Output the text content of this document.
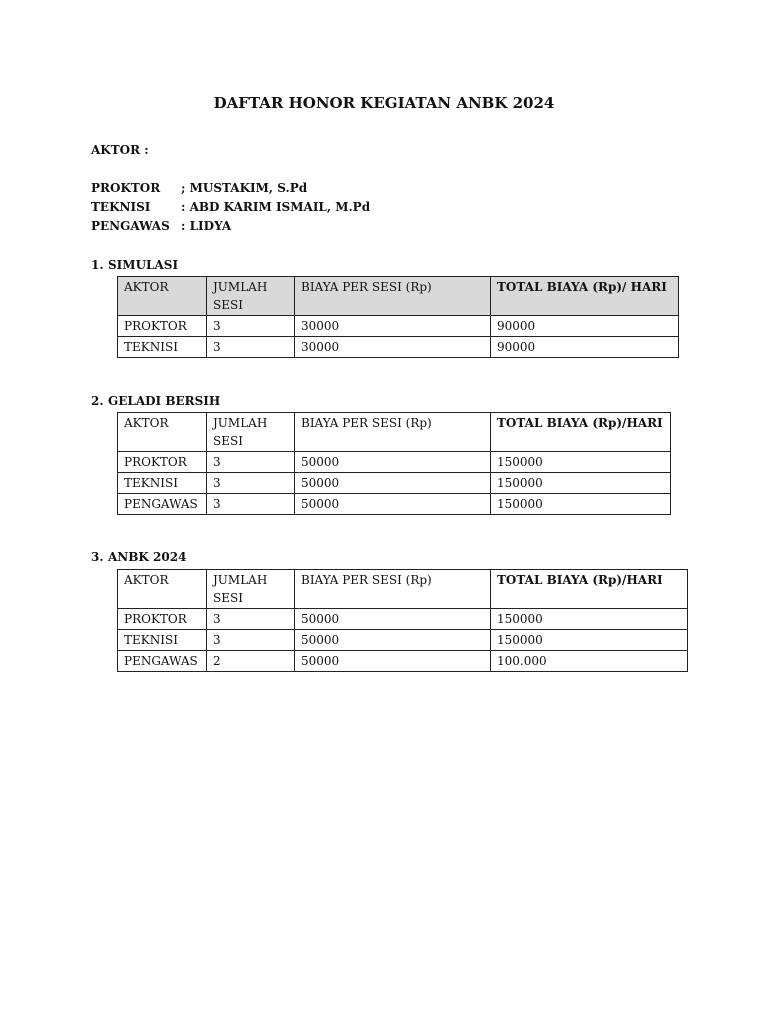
DAFTAR HONOR KEGIATAN ANBK 2024
AKTOR :
PROKTOR ; MUSTAKIM, S.Pd
TEKNISI	: ABD KARIM ISMAIL, M.Pd
PENGAWAS : LIDYA
1. SIMULASI
AKTOR	JUMLAH SESI	BIAYA PER SESI (Rp)	TOTAL BIAYA (Rp)/ HARI
PROKTOR	3	30000	90000
TEKNISI	3	30000	90000
2. GELADI BERSIH
AKTOR	JUMLAH SESI	BIAYA PER SESI (Rp)	TOTAL BIAYA (Rp)/HARI
PROKTOR	3	50000	150000
TEKNISI	3	50000	150000
PENGAWAS	3	50000	150000
3. ANBK 2024
AKTOR	JUMLAH SESI	BIAYA PER SESI (Rp)	TOTAL BIAYA (Rp)/HARI
PROKTOR	3	50000	150000
TEKNISI	3	50000	150000
PENGAWAS	2	50000	100.000
